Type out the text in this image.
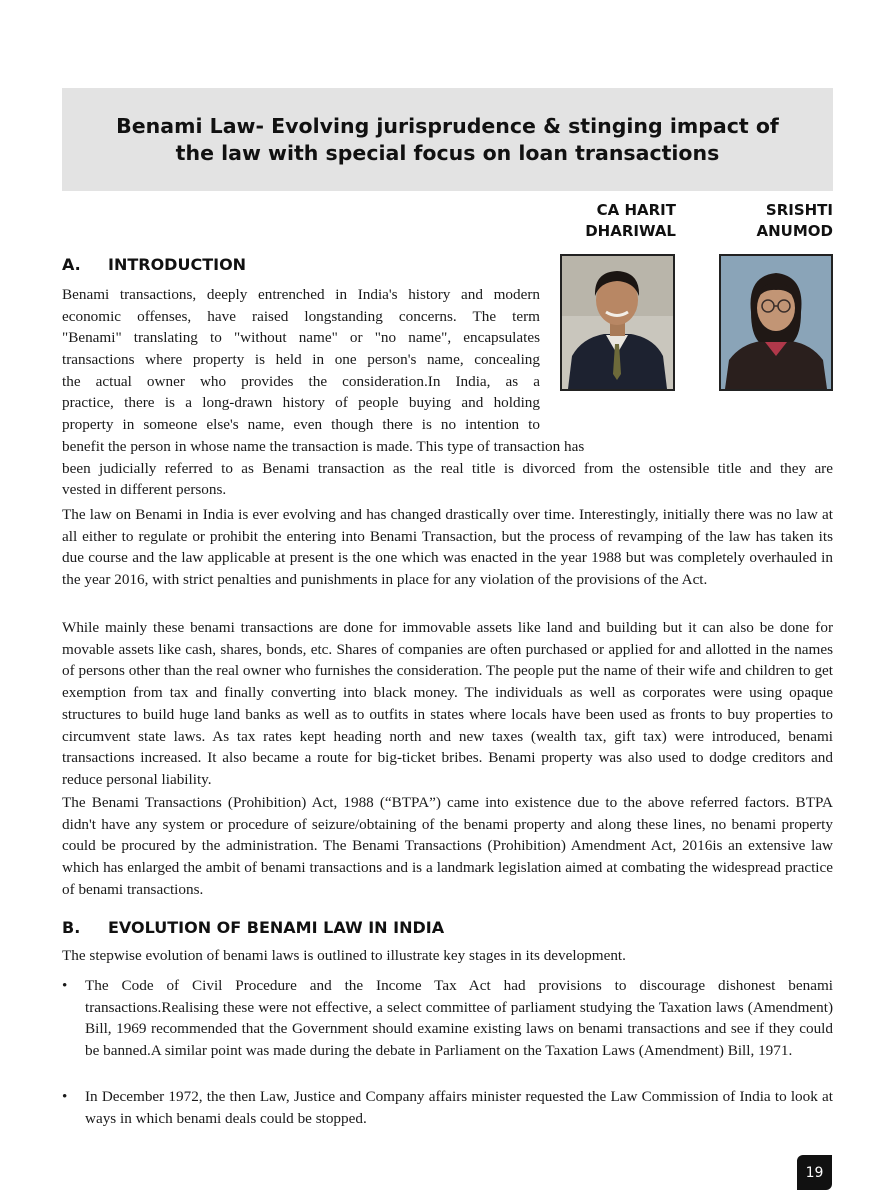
Benami Law- Evolving jurisprudence & stinging impact of
the law with special focus on loan transactions
CA HARIT
DHARIWAL
SRISHTI
ANUMOD
A.	INTRODUCTION
Benami transactions, deeply entrenched in India's history and modern
economic offenses, have raised longstanding concerns. The term
"Benami" translating to "without name" or "no name", encapsulates
transactions where property is held in one person's name, concealing
the actual owner who provides the consideration.In India, as a
practice, there is a long-drawn history of people buying and holding
property in someone else's name, even though there is no intention to
benefit the person in whose name the transaction is made. This type of transaction has
been judicially referred to as Benami transaction as the real title is divorced from the ostensible title and they are
vested in different persons.

The law on Benami in India is ever evolving and has changed drastically over time. Interestingly, initially there was no law at all either to regulate or prohibit the entering into Benami Transaction, but the process of revamping of the law has taken its due course and the law applicable at present is the one which was enacted in the year 1988 but was completely overhauled in the year 2016, with strict penalties and punishments in place for any violation of the provisions of the Act.

While mainly these benami transactions are done for immovable assets like land and building but it can also be done for movable assets like cash, shares, bonds, etc. Shares of companies are often purchased or applied for and allotted in the names of persons other than the real owner who furnishes the consideration. The people put the name of their wife and children to get exemption from tax and finally converting into black money. The individuals as well as corporates were using opaque structures to build huge land banks as well as to outfits in states where locals have been used as fronts to buy properties to circumvent state laws. As tax rates kept heading north and new taxes (wealth tax, gift tax) were introduced, benami transactions increased. It also became a route for big-ticket bribes. Benami property was also used to dodge creditors and reduce personal liability.

The Benami Transactions (Prohibition) Act, 1988 (“BTPA”) came into existence due to the above referred factors. BTPA didn't have any system or procedure of seizure/obtaining of the benami property and along these lines, no benami property could be procured by the administration. The Benami Transactions (Prohibition) Amendment Act, 2016is an extensive law which has enlarged the ambit of benami transactions and is a landmark legislation aimed at combating the widespread practice of benami transactions.

B.	EVOLUTION OF BENAMI LAW IN INDIA

The stepwise evolution of benami laws is outlined to illustrate key stages in its development.

•	The Code of Civil Procedure and the Income Tax Act had provisions to discourage dishonest benami transactions.Realising these were not effective, a select committee of parliament studying the Taxation laws (Amendment) Bill, 1969 recommended that the Government should examine existing laws on benami transactions and see if they could be banned.A similar point was made during the debate in Parliament on the Taxation Laws (Amendment) Bill, 1971.
•	In December 1972, the then Law, Justice and Company affairs minister requested the Law Commission of India to look at ways in which benami deals could be stopped.
19
